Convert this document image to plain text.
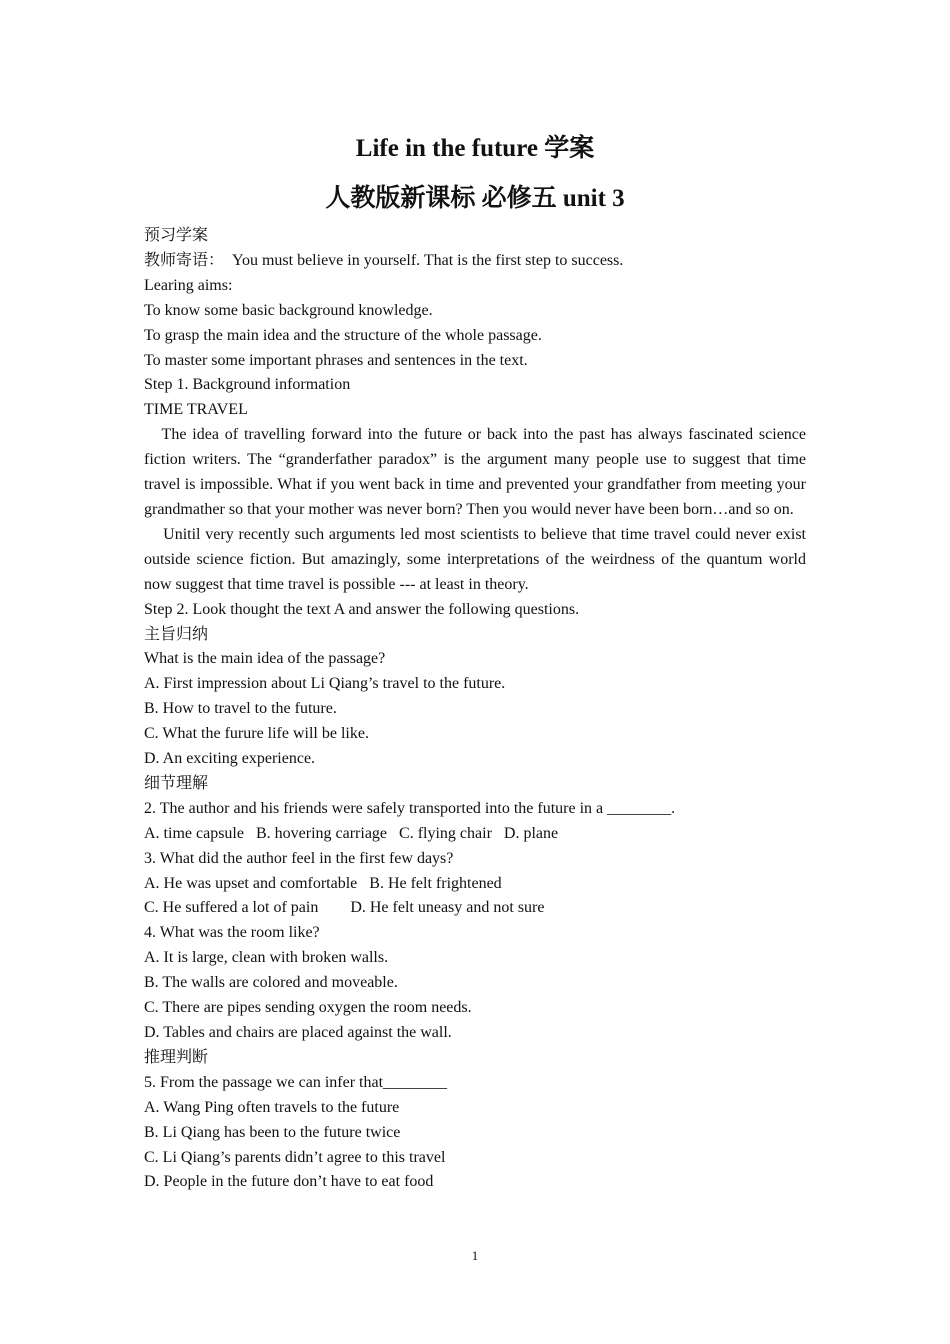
Life in the future 学案
人教版新课标 必修五 unit 3

预习学案

教师寄语：  You must believe in yourself. That is the first step to success.

Learing aims:

To know some basic background knowledge.

To grasp the main idea and the structure of the whole passage.

To master some important phrases and sentences in the text.

Step 1. Background information

TIME TRAVEL

The idea of travelling forward into the future or back into the past has always fascinated science fiction writers. The “granderfather paradox” is the argument many people use to suggest that time travel is impossible. What if you went back in time and prevented your grandfather from meeting your grandmather so that your mother was never born? Then you would never have been born…and so on.

Unitil very recently such arguments led most scientists to believe that time travel could never exist outside science fiction. But amazingly, some interpretations of the weirdness of the quantum world now suggest that time travel is possible --- at least in theory.

Step 2. Look thought the text A and answer the following questions.

主旨归纳

What is the main idea of the passage?

A. First impression about Li Qiang’s travel to the future.

B. How to travel to the future.

C. What the furure life will be like.

D. An exciting experience.

细节理解

2. The author and his friends were safely transported into the future in a ________.

A. time capsule   B. hovering carriage   C. flying chair   D. plane

3. What did the author feel in the first few days?

A. He was upset and comfortable   B. He felt frightened

C. He suffered a lot of pain        D. He felt uneasy and not sure

4. What was the room like?

A. It is large, clean with broken walls.

B. The walls are colored and moveable.

C. There are pipes sending oxygen the room needs.

D. Tables and chairs are placed against the wall.

推理判断

5. From the passage we can infer that________

A. Wang Ping often travels to the future

B. Li Qiang has been to the future twice

C. Li Qiang’s parents didn’t agree to this travel

D. People in the future don’t have to eat food

1
